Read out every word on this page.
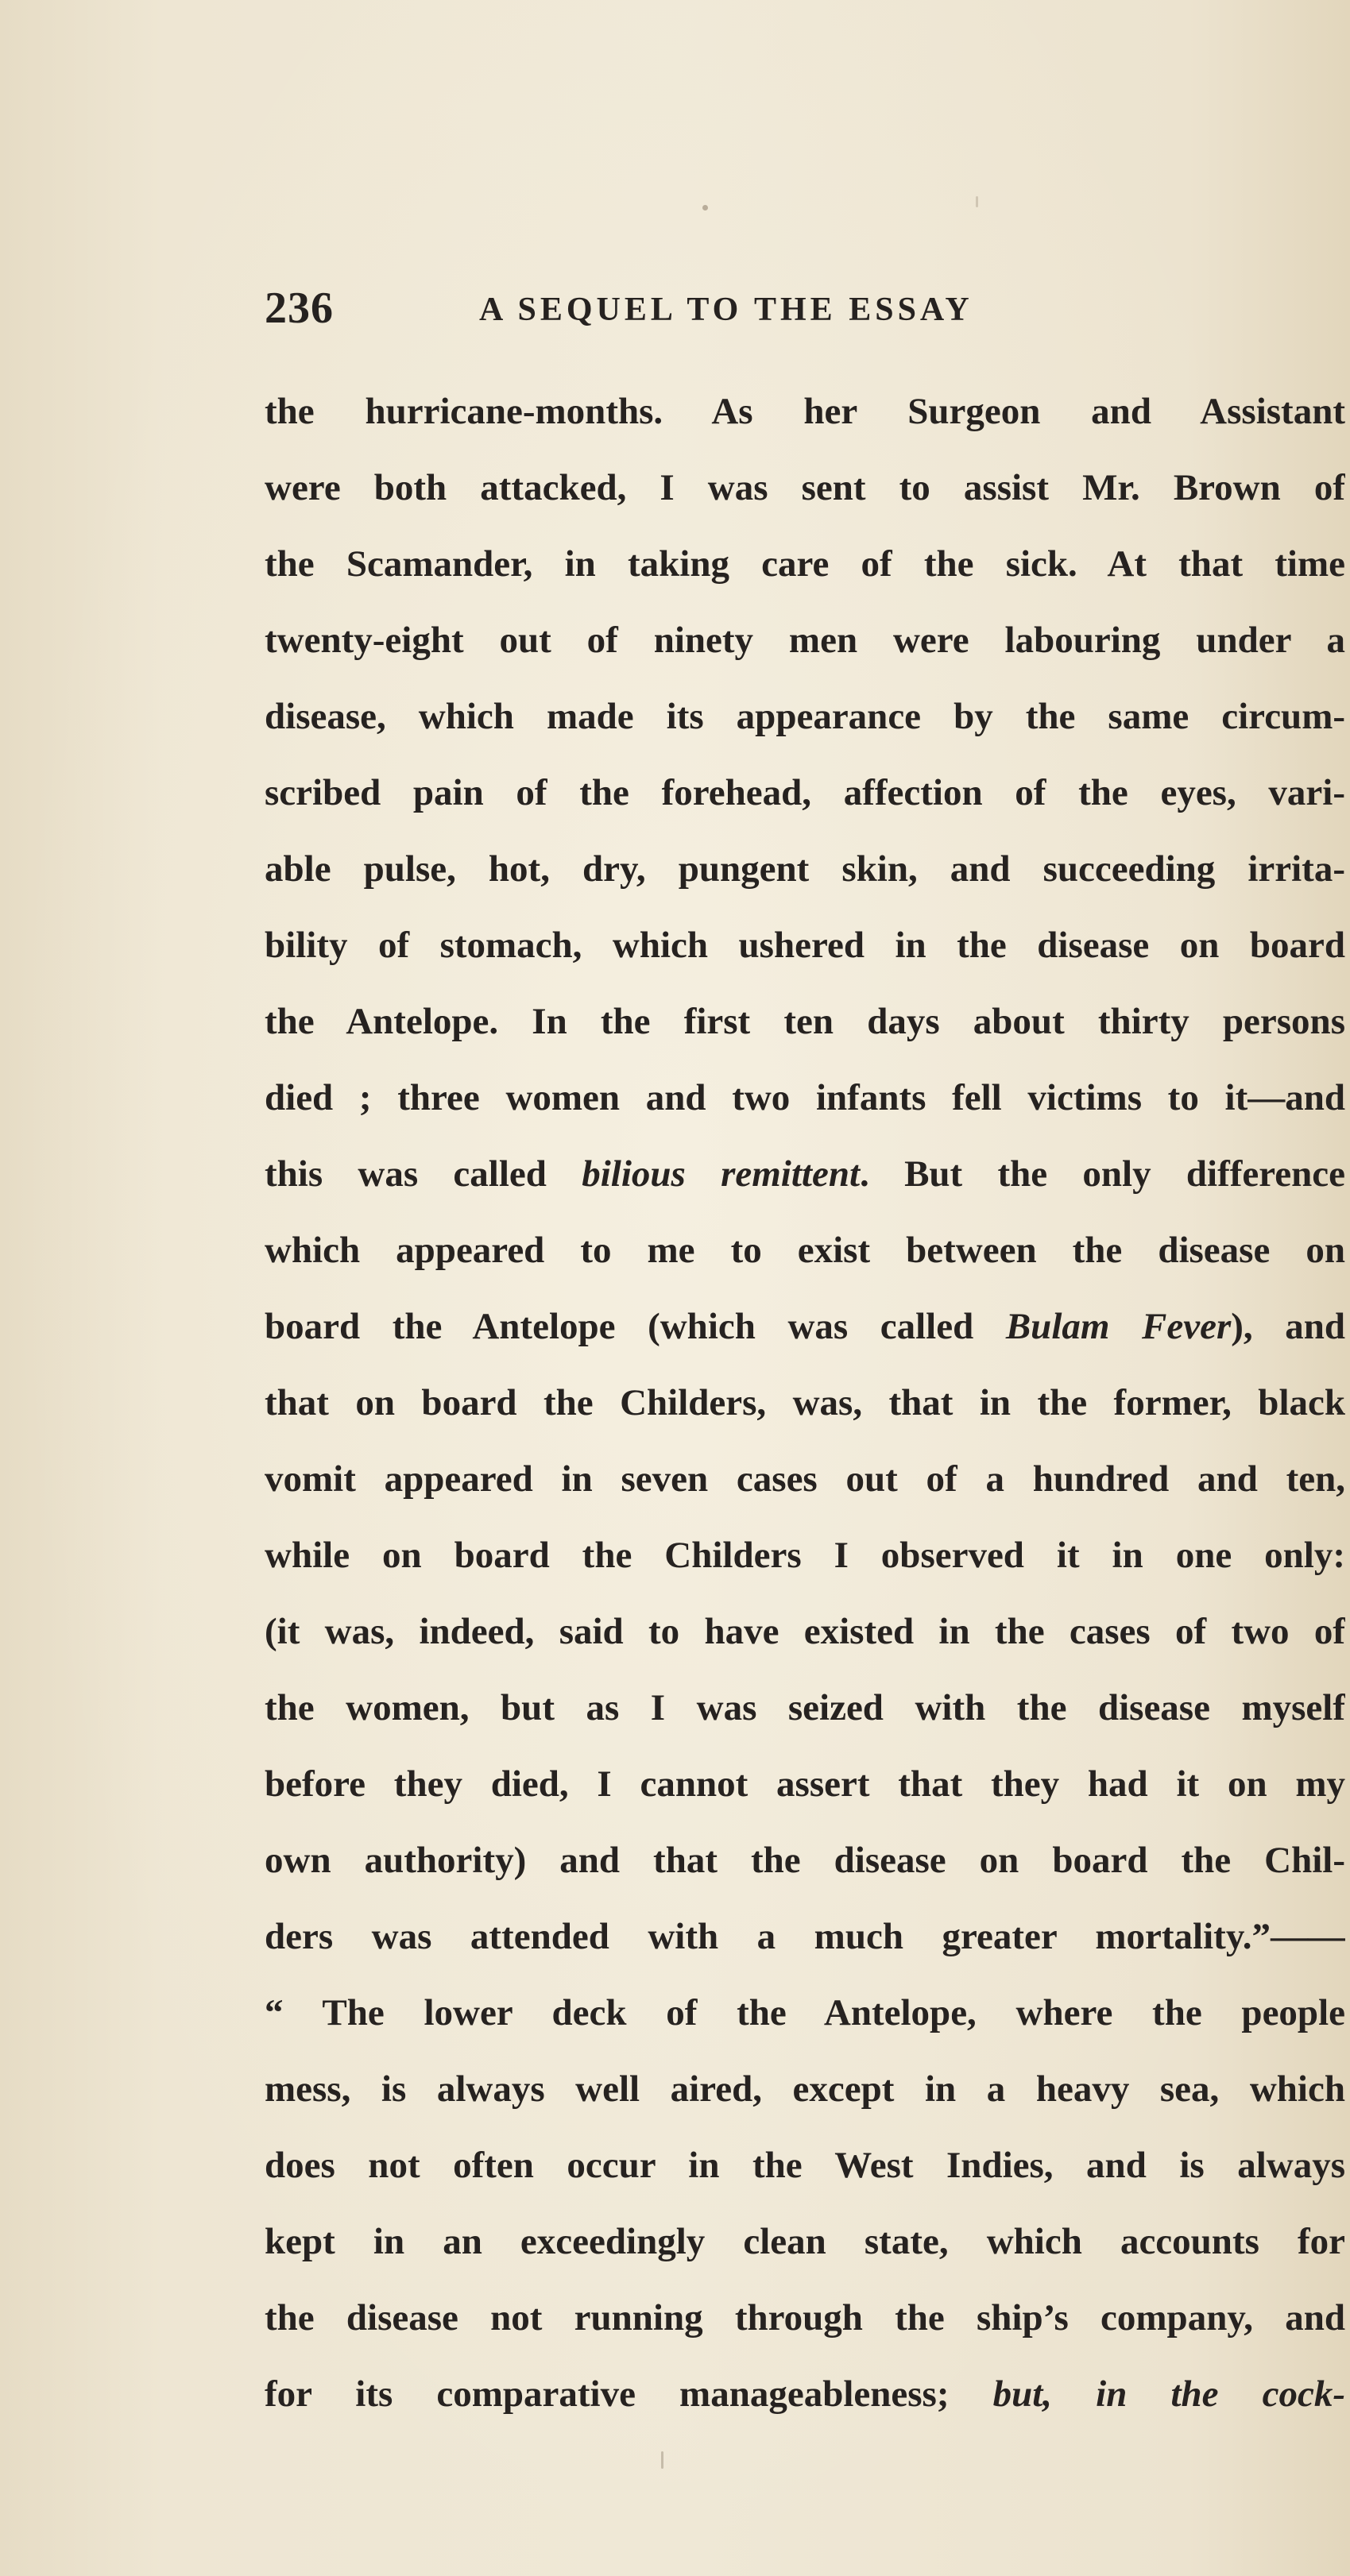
236	A SEQUEL TO THE ESSAY
the hurricane-months. As her Surgeon and Assistant
were both attacked, I was sent to assist Mr. Brown of
the Scamander, in taking care of the sick. At that time
twenty-eight out of ninety men were labouring under a
disease, which made its appearance by the same circum-
scribed pain of the forehead, affection of the eyes, vari-
able pulse, hot, dry, pungent skin, and succeeding irrita-
bility of stomach, which ushered in the disease on board
the Antelope. In the first ten days about thirty persons
died ; three women and two infants fell victims to it—and
this was called bilious remittent. But the only difference
which appeared to me to exist between the disease on
board the Antelope (which was called Bulam Fever), and
that on board the Childers, was, that in the former, black
vomit appeared in seven cases out of a hundred and ten,
while on board the Childers I observed it in one only:
(it was, indeed, said to have existed in the cases of two of
the women, but as I was seized with the disease myself
before they died, I cannot assert that they had it on my
own authority) and that the disease on board the Chil-
ders was attended with a much greater mortality.”——
“ The lower deck of the Antelope, where the people
mess, is always well aired, except in a heavy sea, which
does not often occur in the West Indies, and is always
kept in an exceedingly clean state, which accounts for
the disease not running through the ship’s company, and
for its comparative manageableness; but, in the cock-
